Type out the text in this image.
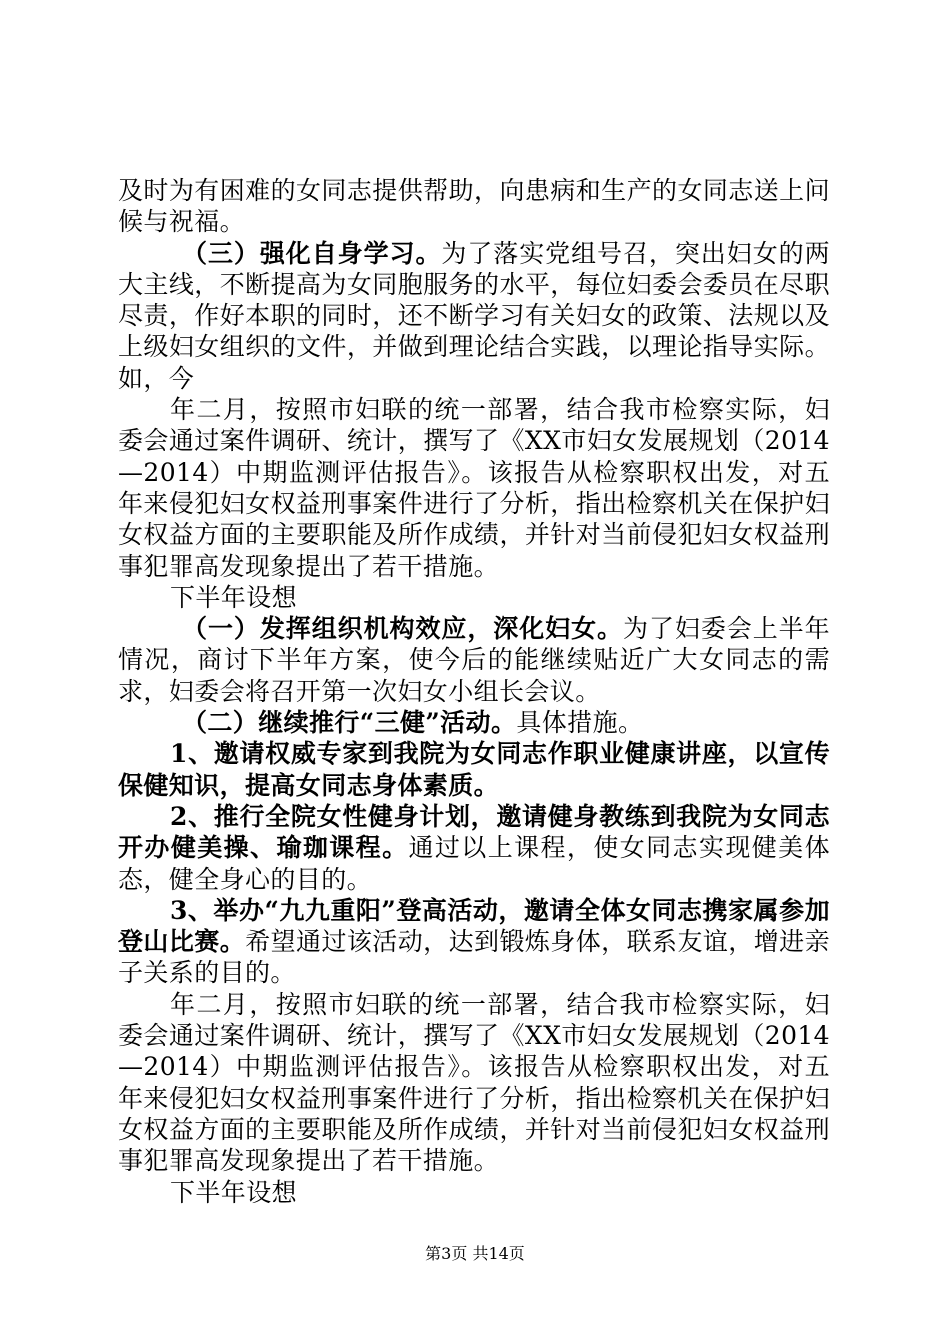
及时为有困难的女同志提供帮助，向患病和生产的女同志送上问候与祝福。

（三）强化自身学习。为了落实党组号召，突出妇女的两大主线，不断提高为女同胞服务的水平，每位妇委会委员在尽职尽责，作好本职的同时，还不断学习有关妇女的政策、法规以及上级妇女组织的文件，并做到理论结合实践，以理论指导实际。如，今

年二月，按照市妇联的统一部署，结合我市检察实际，妇委会通过案件调研、统计，撰写了《XX市妇女发展规划（2014—2014）中期监测评估报告》。该报告从检察职权出发，对五年来侵犯妇女权益刑事案件进行了分析，指出检察机关在保护妇女权益方面的主要职能及所作成绩，并针对当前侵犯妇女权益刑事犯罪高发现象提出了若干措施。

下半年设想

（一）发挥组织机构效应，深化妇女。为了妇委会上半年情况，商讨下半年方案，使今后的能继续贴近广大女同志的需求，妇委会将召开第一次妇女小组长会议。

（二）继续推行“三健”活动。具体措施。

1、邀请权威专家到我院为女同志作职业健康讲座，以宣传保健知识，提高女同志身体素质。

2、推行全院女性健身计划，邀请健身教练到我院为女同志开办健美操、瑜珈课程。通过以上课程，使女同志实现健美体态，健全身心的目的。

3、举办“九九重阳”登高活动，邀请全体女同志携家属参加登山比赛。希望通过该活动，达到锻炼身体，联系友谊，增进亲子关系的目的。

年二月，按照市妇联的统一部署，结合我市检察实际，妇委会通过案件调研、统计，撰写了《XX市妇女发展规划（2014—2014）中期监测评估报告》。该报告从检察职权出发，对五年来侵犯妇女权益刑事案件进行了分析，指出检察机关在保护妇女权益方面的主要职能及所作成绩，并针对当前侵犯妇女权益刑事犯罪高发现象提出了若干措施。

下半年设想

第3页 共14页
